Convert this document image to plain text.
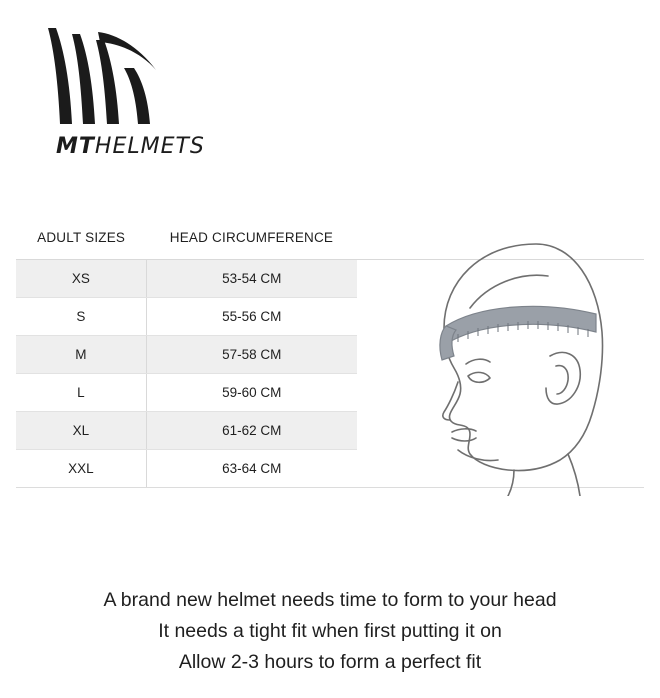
MTHELMETS
ADULT SIZES	HEAD CIRCUMFERENCE	
XS	53-54 CM	
S	55-56 CM	
M	57-58 CM	
L	59-60 CM	
XL	61-62 CM	
XXL	63-64 CM	
A brand new helmet needs time to form to your head
It needs a tight fit when first putting it on
Allow 2-3 hours to form a perfect fit
